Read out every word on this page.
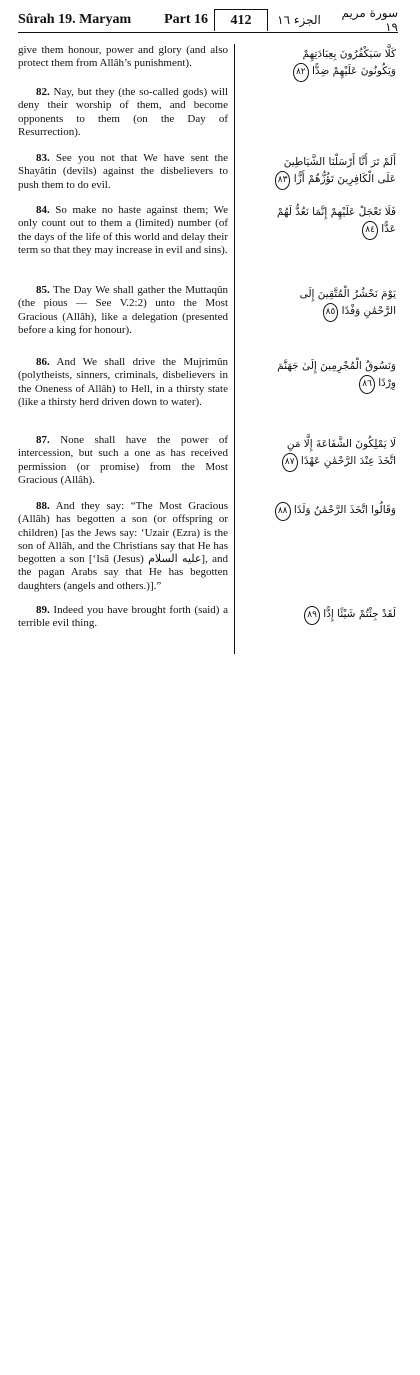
Sûrah 19. Maryam	Part 16	412	الجزء ١٦	سورة مريم ١٩
give them honour, power and glory (and also protect them from Allâh’s punishment).
82. Nay, but they (the so-called gods) will deny their worship of them, and become opponents to them (on the Day of Resurrection).
83. See you not that We have sent the Shayâtin (devils) against the disbelievers to push them to do evil.
84. So make no haste against them; We only count out to them a (limited) number (of the days of the life of this world and delay their term so that they may increase in evil and sins).
85. The Day We shall gather the Muttaqûn (the pious — See V.2:2) unto the Most Gracious (Allâh), like a delegation (presented before a king for honour).
86. And We shall drive the Mujrimûn (polytheists, sinners, criminals, disbelievers in the Oneness of Allâh) to Hell, in a thirsty state (like a thirsty herd driven down to water).
87. None shall have the power of intercession, but such a one as has received permission (or promise) from the Most Gracious (Allâh).
88. And they say: “The Most Gracious (Allâh) has begotten a son (or offspring or children) [as the Jews say: ‘Uzair (Ezra) is the son of Allâh, and the Christians say that He has begotten a son [‘Isâ (Jesus) عليه السلام], and the pagan Arabs say that He has begotten daughters (angels and others.)].”
89. Indeed you have brought forth (said) a terrible evil thing.
كَلَّا سَيَكْفُرُونَ بِعِبَادَتِهِمْ وَيَكُونُونَ عَلَيْهِمْ ضِدًّا ٨٢
أَلَمْ تَرَ أَنَّا أَرْسَلْنَا الشَّيَاطِينَ عَلَى الْكَافِرِينَ تَؤُزُّهُمْ أَزًّا ٨٣
فَلَا تَعْجَلْ عَلَيْهِمْ إِنَّمَا نَعُدُّ لَهُمْ عَدًّا ٨٤
يَوْمَ نَحْشُرُ الْمُتَّقِينَ إِلَى الرَّحْمَٰنِ وَفْدًا ٨٥
وَنَسُوقُ الْمُجْرِمِينَ إِلَىٰ جَهَنَّمَ وِرْدًا ٨٦
لَا يَمْلِكُونَ الشَّفَاعَةَ إِلَّا مَنِ اتَّخَذَ عِنْدَ الرَّحْمَٰنِ عَهْدًا ٨٧
وَقَالُوا اتَّخَذَ الرَّحْمَٰنُ وَلَدًا ٨٨
لَقَدْ جِئْتُمْ شَيْئًا إِدًّا ٨٩
